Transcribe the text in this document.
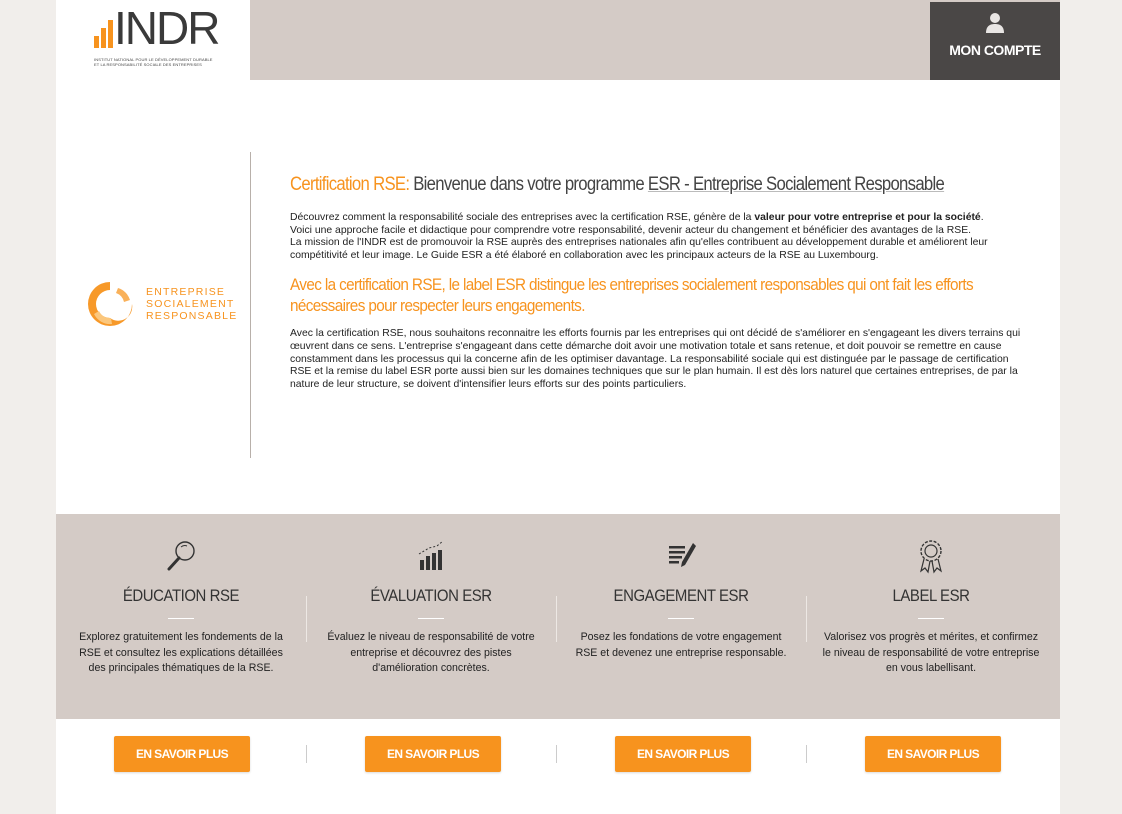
INDR
INSTITUT NATIONAL POUR LE DÉVELOPPEMENT DURABLE
ET LA RESPONSABILITÉ SOCIALE DES ENTREPRISES
MON COMPTE
ENTREPRISE
SOCIALEMENT
RESPONSABLE
Certification RSE: Bienvenue dans votre programme ESR - Entreprise Socialement Responsable

Découvrez comment la responsabilité sociale des entreprises avec la certification RSE, génère de la valeur pour votre entreprise et pour la société.
Voici une approche facile et didactique pour comprendre votre responsabilité, devenir acteur du changement et bénéficier des avantages de la RSE.
La mission de l'INDR est de promouvoir la RSE auprès des entreprises nationales afin qu'elles contribuent au développement durable et améliorent leur compétitivité et leur image. Le Guide ESR a été élaboré en collaboration avec les principaux acteurs de la RSE au Luxembourg.

Avec la certification RSE, le label ESR distingue les entreprises socialement responsables qui ont fait les efforts nécessaires pour respecter leurs engagements.

Avec la certification RSE, nous souhaitons reconnaitre les efforts fournis par les entreprises qui ont décidé de s'améliorer en s'engageant les divers terrains qui œuvrent dans ce sens. L'entreprise s'engageant dans cette démarche doit avoir une motivation totale et sans retenue, et doit pouvoir se remettre en cause constamment dans les processus qui la concerne afin de les optimiser davantage. La responsabilité sociale qui est distinguée par le passage de certification RSE et la remise du label ESR porte aussi bien sur les domaines techniques que sur le plan humain. Il est dès lors naturel que certaines entreprises, de par la nature de leur structure, se doivent d'intensifier leurs efforts sur des points particuliers.

ÉDUCATION RSE

Explorez gratuitement les fondements de la RSE et consultez les explications détaillées des principales thématiques de la RSE.

ÉVALUATION ESR

Évaluez le niveau de responsabilité de votre entreprise et découvrez des pistes d'amélioration concrètes.

ENGAGEMENT ESR

Posez les fondations de votre engagement RSE et devenez une entreprise responsable.

LABEL ESR

Valorisez vos progrès et mérites, et confirmez le niveau de responsabilité de votre entreprise en vous labellisant.

EN SAVOIR PLUS	EN SAVOIR PLUS	EN SAVOIR PLUS	EN SAVOIR PLUS
